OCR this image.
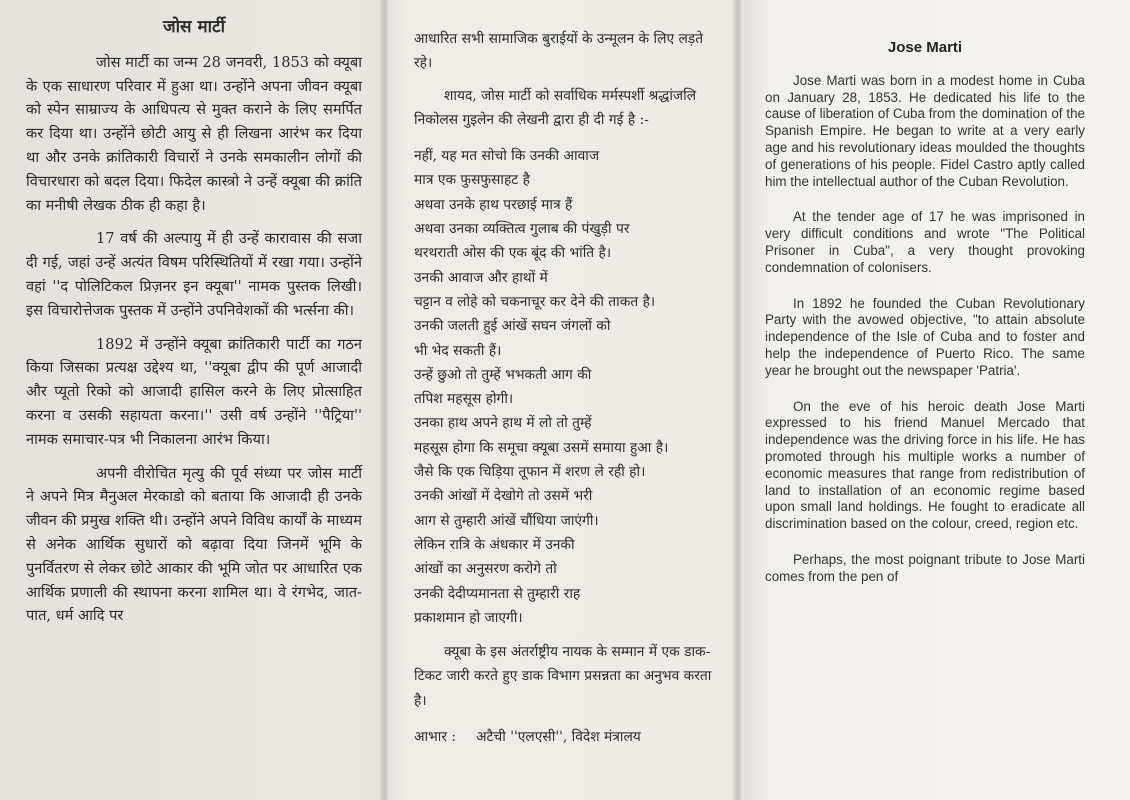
जोस मार्टी

जोस मार्टी का जन्म 28 जनवरी, 1853 को क्यूबा के एक साधारण परिवार में हुआ था। उन्होंने अपना जीवन क्यूबा को स्पेन साम्राज्य के आधिपत्य से मुक्त कराने के लिए समर्पित कर दिया था। उन्होंने छोटी आयु से ही लिखना आरंभ कर दिया था और उनके क्रांतिकारी विचारों ने उनके समकालीन लोगों की विचारधारा को बदल दिया। फिदेल कास्त्रो ने उन्हें क्यूबा की क्रांति का मनीषी लेखक ठीक ही कहा है।

17 वर्ष की अल्पायु में ही उन्हें कारावास की सजा दी गई, जहां उन्हें अत्यंत विषम परिस्थितियों में रखा गया। उन्होंने वहां ''द पोलिटिकल प्रिज़नर इन क्यूबा'' नामक पुस्तक लिखी। इस विचारोत्तेजक पुस्तक में उन्होंने उपनिवेशकों की भर्त्सना की।

1892 में उन्होंने क्यूबा क्रांतिकारी पार्टी का गठन किया जिसका प्रत्यक्ष उद्देश्य था, ''क्यूबा द्वीप की पूर्ण आजादी और प्यूतो रिको को आजादी हासिल करने के लिए प्रोत्साहित करना व उसकी सहायता करना।'' उसी वर्ष उन्होंने ''पैट्रिया'' नामक समाचार-पत्र भी निकालना आरंभ किया।

अपनी वीरोचित मृत्यु की पूर्व संध्या पर जोस मार्टी ने अपने मित्र मैनुअल मेरकाडो को बताया कि आजादी ही उनके जीवन की प्रमुख शक्ति थी। उन्होंने अपने विविध कार्यों के माध्यम से अनेक आर्थिक सुधारों को बढ़ावा दिया जिनमें भूमि के पुनर्वितरण से लेकर छोटे आकार की भूमि जोत पर आधारित एक आर्थिक प्रणाली की स्थापना करना शामिल था। वे रंगभेद, जात-पात, धर्म आदि पर

आधारित सभी सामाजिक बुराईयों के उन्मूलन के लिए लड़ते रहे।
शायद, जोस मार्टी को सर्वाधिक मर्मस्पर्शी श्रद्धांजलि निकोलस गुइलेन की लेखनी द्वारा ही दी गई है :-
नहीं, यह मत सोचो कि उनकी आवाज
मात्र एक फुसफुसाहट है
अथवा उनके हाथ परछाई मात्र हैं
अथवा उनका व्यक्तित्व गुलाब की पंखुड़ी पर
थरथराती ओस की एक बूंद की भांति है।
उनकी आवाज और हाथों में
चट्टान व लोहे को चकनाचूर कर देने की ताकत है।
उनकी जलती हुई आंखें सघन जंगलों को
भी भेद सकती हैं।
उन्हें छुओ तो तुम्हें भभकती आग की
तपिश महसूस होगी।
उनका हाथ अपने हाथ में लो तो तुम्हें
महसूस होगा कि समूचा क्यूबा उसमें समाया हुआ है।
जैसे कि एक चिड़िया तूफान में शरण ले रही हो।
उनकी आंखों में देखोगे तो उसमें भरी
आग से तुम्हारी आंखें चौंधिया जाएंगी।
लेकिन रात्रि के अंधकार में उनकी
आंखों का अनुसरण करोगे तो
उनकी देदीप्यमानता से तुम्हारी राह
प्रकाशमान हो जाएगी।
क्यूबा के इस अंतर्राष्ट्रीय नायक के सम्मान में एक डाक-टिकट जारी करते हुए डाक विभाग प्रसन्नता का अनुभव करता है।
आभार :	अटैची ''एलएसी'', विदेश मंत्रालय
Jose Marti

Jose Marti was born in a modest home in Cuba on January 28, 1853. He dedicated his life to the cause of liberation of Cuba from the domination of the Spanish Empire. He began to write at a very early age and his revolutionary ideas moulded the thoughts of generations of his people. Fidel Castro aptly called him the intellectual author of the Cuban Revolution.

At the tender age of 17 he was imprisoned in very difficult conditions and wrote "The Political Prisoner in Cuba", a very thought provoking condemnation of colonisers.

In 1892 he founded the Cuban Revolutionary Party with the avowed objective, "to attain absolute independence of the Isle of Cuba and to foster and help the independence of Puerto Rico. The same year he brought out the newspaper 'Patria'.

On the eve of his heroic death Jose Marti expressed to his friend Manuel Mercado that independence was the driving force in his life. He has promoted through his multiple works a number of economic measures that range from redistribution of land to installation of an economic regime based upon small land holdings. He fought to eradicate all discrimination based on the colour, creed, region etc.

Perhaps, the most poignant tribute to Jose Marti comes from the pen of
